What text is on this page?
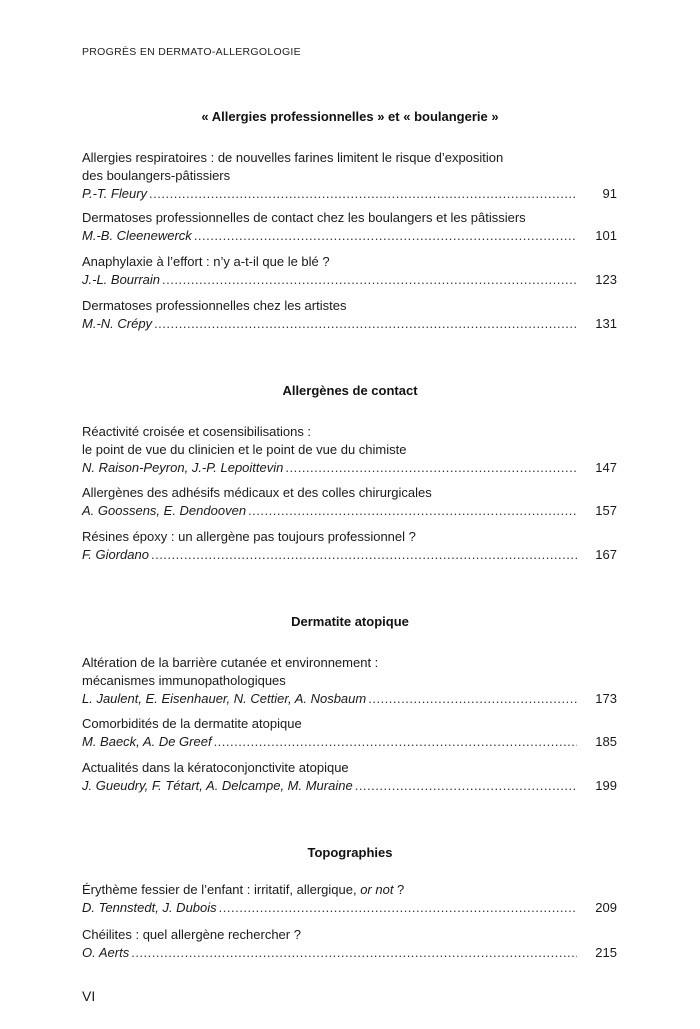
PROGRÈS EN DERMATO-ALLERGOLOGIE
« Allergies professionnelles » et « boulangerie »
Allergies respiratoires : de nouvelles farines limitent le risque d’exposition
des boulangers-pâtissiers
P.-T. Fleury .....	91
Dermatoses professionnelles de contact chez les boulangers et les pâtissiers
M.-B. Cleenewerck .....	101
Anaphylaxie à l’effort : n’y a-t-il que le blé ?
J.-L. Bourrain .....	123
Dermatoses professionnelles chez les artistes
M.-N. Crépy .....	131
Allergènes de contact
Réactivité croisée et cosensibilisations :
le point de vue du clinicien et le point de vue du chimiste
N. Raison-Peyron, J.-P. Lepoittevin .....	147
Allergènes des adhésifs médicaux et des colles chirurgicales
A. Goossens, E. Dendooven .....	157
Résines époxy : un allergène pas toujours professionnel ?
F. Giordano .....	167
Dermatite atopique
Altération de la barrière cutanée et environnement :
mécanismes immunopathologiques
L. Jaulent, E. Eisenhauer, N. Cettier, A. Nosbaum .....	173
Comorbidités de la dermatite atopique
M. Baeck, A. De Greef .....	185
Actualités dans la kératoconjonctivite atopique
J. Gueudry, F. Tétart, A. Delcampe, M. Muraine .....	199
Topographies
Érythème fessier de l’enfant : irritatif, allergique, or not ?
D. Tennstedt, J. Dubois .....	209
Chéilites : quel allergène rechercher ?
O. Aerts .....	215
VI
